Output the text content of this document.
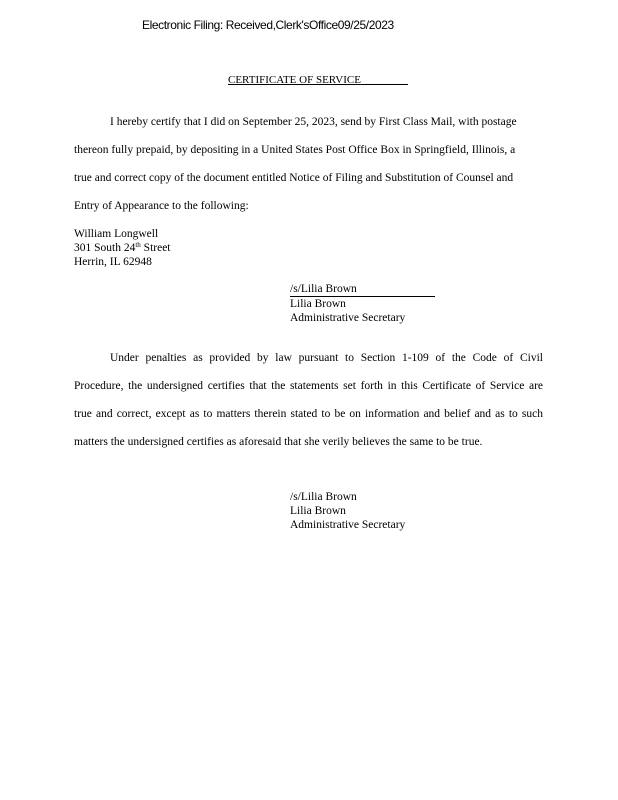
Electronic Filing: Received,Clerk'sOffice09/25/2023
CERTIFICATE OF SERVICE
I hereby certify that I did on September 25, 2023, send by First Class Mail, with postage
thereon fully prepaid, by depositing in a United States Post Office Box in Springfield, Illinois, a
true and correct copy of the document entitled Notice of Filing and Substitution of Counsel and
Entry of Appearance to the following:
William Longwell
301 South 24th Street
Herrin, IL 62948
/s/Lilia Brown
Lilia Brown
Administrative Secretary
Under penalties as provided by law pursuant to Section 1-109 of the Code of Civil
Procedure, the undersigned certifies that the statements set forth in this Certificate of Service are
true and correct, except as to matters therein stated to be on information and belief and as to such
matters the undersigned certifies as aforesaid that she verily believes the same to be true.
/s/Lilia Brown
Lilia Brown
Administrative Secretary
